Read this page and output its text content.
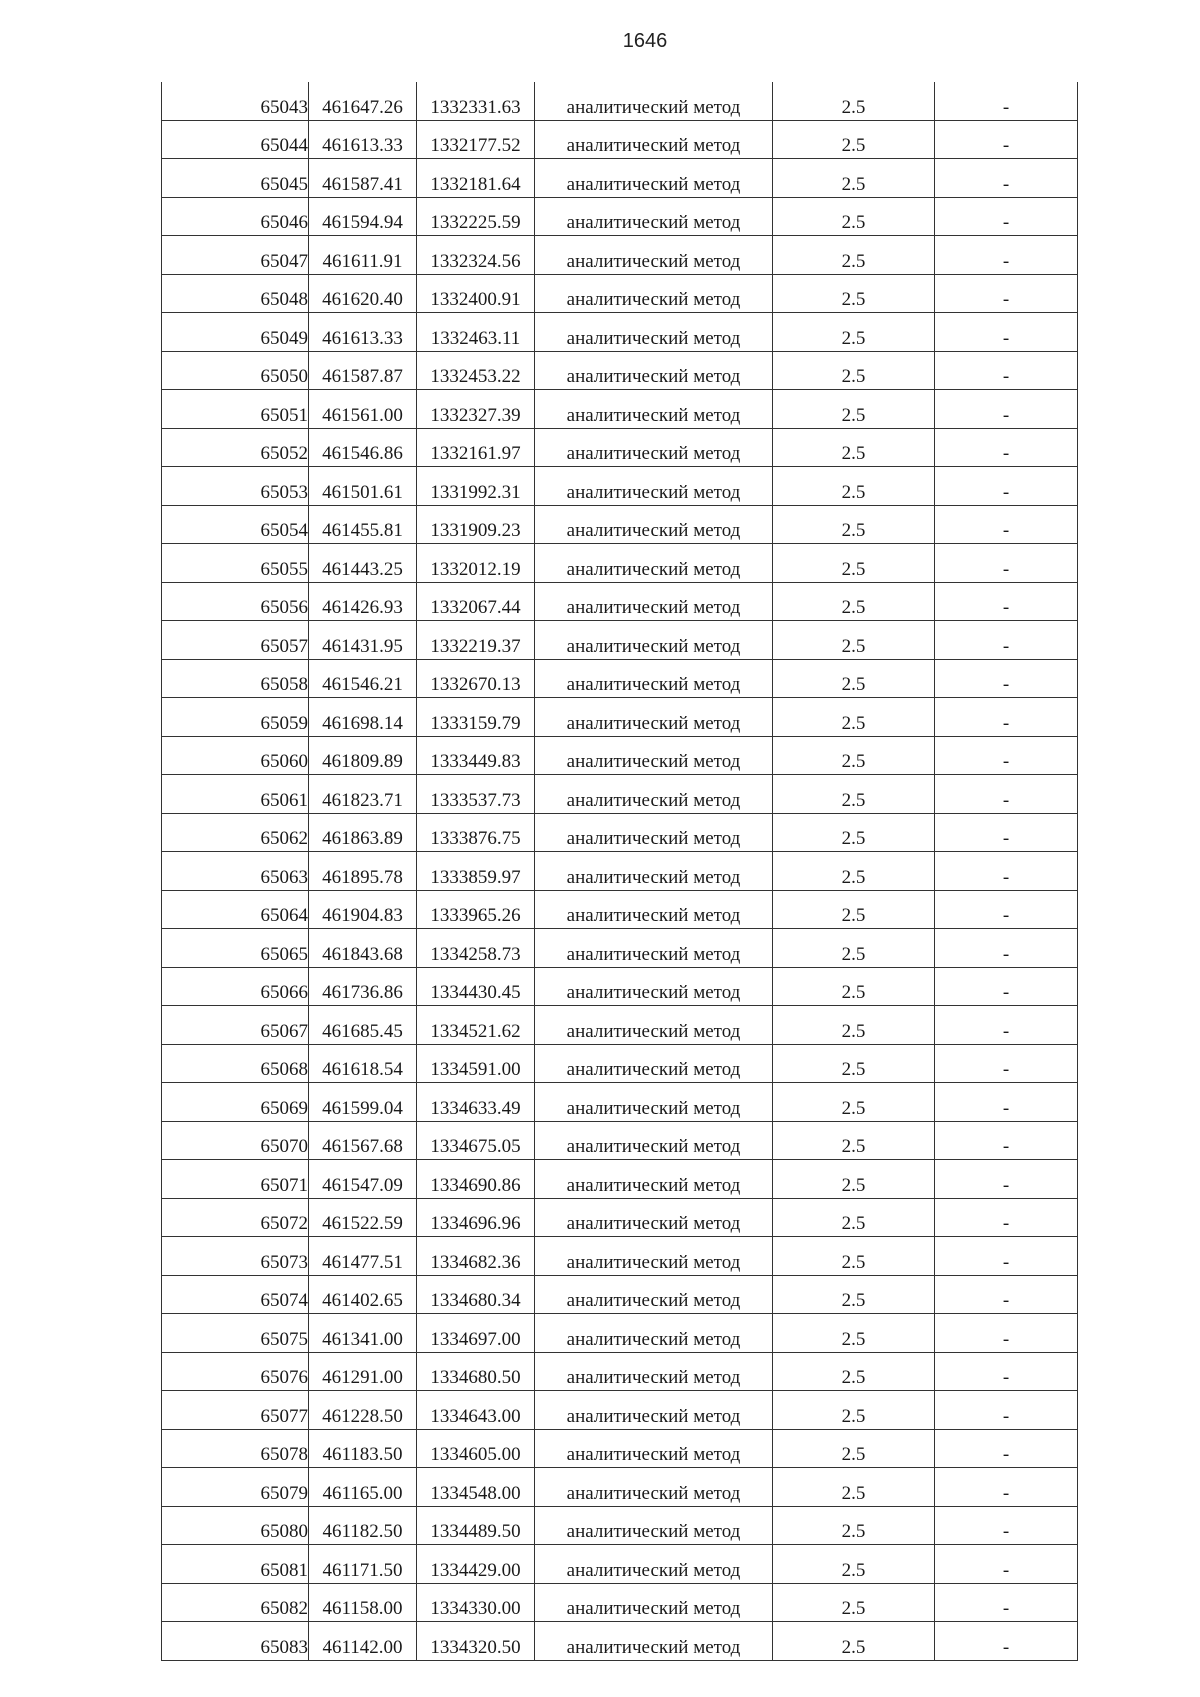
1646
65043	461647.26	1332331.63	аналитический метод	2.5	-
65044	461613.33	1332177.52	аналитический метод	2.5	-
65045	461587.41	1332181.64	аналитический метод	2.5	-
65046	461594.94	1332225.59	аналитический метод	2.5	-
65047	461611.91	1332324.56	аналитический метод	2.5	-
65048	461620.40	1332400.91	аналитический метод	2.5	-
65049	461613.33	1332463.11	аналитический метод	2.5	-
65050	461587.87	1332453.22	аналитический метод	2.5	-
65051	461561.00	1332327.39	аналитический метод	2.5	-
65052	461546.86	1332161.97	аналитический метод	2.5	-
65053	461501.61	1331992.31	аналитический метод	2.5	-
65054	461455.81	1331909.23	аналитический метод	2.5	-
65055	461443.25	1332012.19	аналитический метод	2.5	-
65056	461426.93	1332067.44	аналитический метод	2.5	-
65057	461431.95	1332219.37	аналитический метод	2.5	-
65058	461546.21	1332670.13	аналитический метод	2.5	-
65059	461698.14	1333159.79	аналитический метод	2.5	-
65060	461809.89	1333449.83	аналитический метод	2.5	-
65061	461823.71	1333537.73	аналитический метод	2.5	-
65062	461863.89	1333876.75	аналитический метод	2.5	-
65063	461895.78	1333859.97	аналитический метод	2.5	-
65064	461904.83	1333965.26	аналитический метод	2.5	-
65065	461843.68	1334258.73	аналитический метод	2.5	-
65066	461736.86	1334430.45	аналитический метод	2.5	-
65067	461685.45	1334521.62	аналитический метод	2.5	-
65068	461618.54	1334591.00	аналитический метод	2.5	-
65069	461599.04	1334633.49	аналитический метод	2.5	-
65070	461567.68	1334675.05	аналитический метод	2.5	-
65071	461547.09	1334690.86	аналитический метод	2.5	-
65072	461522.59	1334696.96	аналитический метод	2.5	-
65073	461477.51	1334682.36	аналитический метод	2.5	-
65074	461402.65	1334680.34	аналитический метод	2.5	-
65075	461341.00	1334697.00	аналитический метод	2.5	-
65076	461291.00	1334680.50	аналитический метод	2.5	-
65077	461228.50	1334643.00	аналитический метод	2.5	-
65078	461183.50	1334605.00	аналитический метод	2.5	-
65079	461165.00	1334548.00	аналитический метод	2.5	-
65080	461182.50	1334489.50	аналитический метод	2.5	-
65081	461171.50	1334429.00	аналитический метод	2.5	-
65082	461158.00	1334330.00	аналитический метод	2.5	-
65083	461142.00	1334320.50	аналитический метод	2.5	-
